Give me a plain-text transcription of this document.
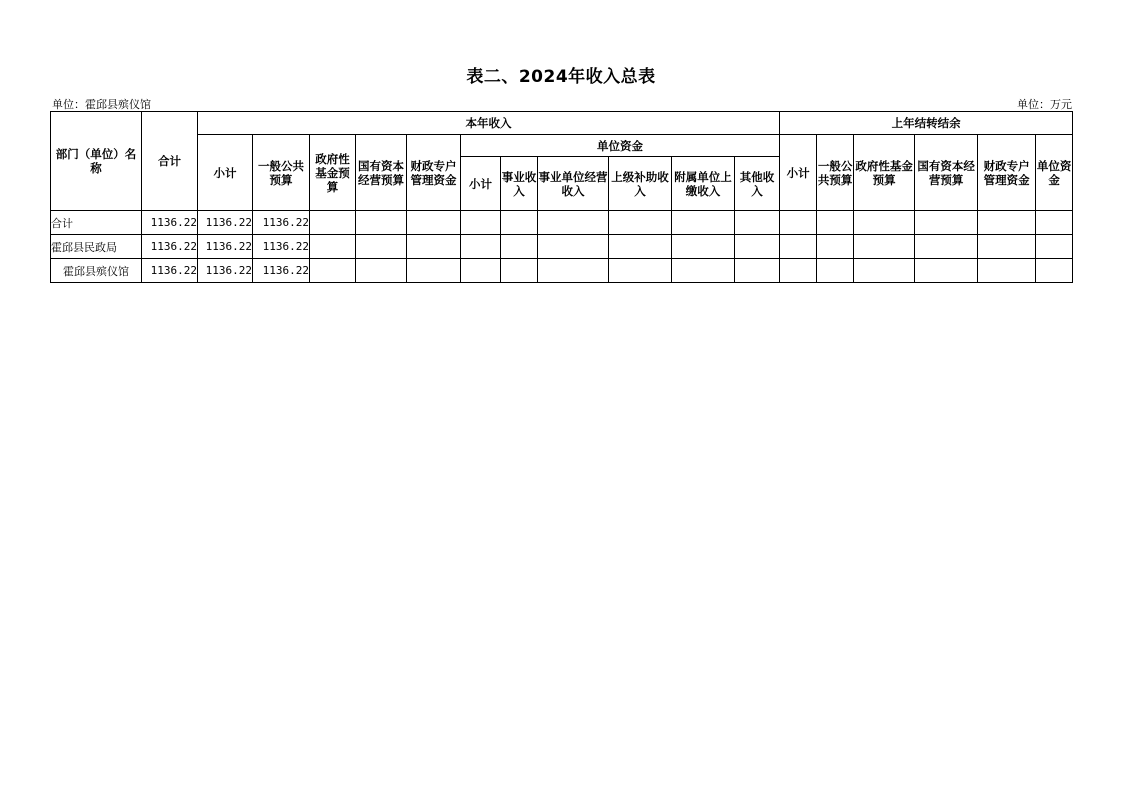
表二、2024年收入总表
单位：霍邱县殡仪馆	单位：万元
部门（单位）名称	合计	本年收入											上年结转结余					
		小计	一般公共预算	政府性基金预算	国有资本经营预算	财政专户管理资金	单位资金						小计	一般公共预算	政府性基金预算	国有资本经营预算	财政专户管理资金	单位资金
							小计	事业收入	事业单位经营收入	上级补助收入	附属单位上缴收入	其他收入						
合计	1136.22	1136.22	1136.22															
霍邱县民政局	1136.22	1136.22	1136.22															
霍邱县殡仪馆	1136.22	1136.22	1136.22															
